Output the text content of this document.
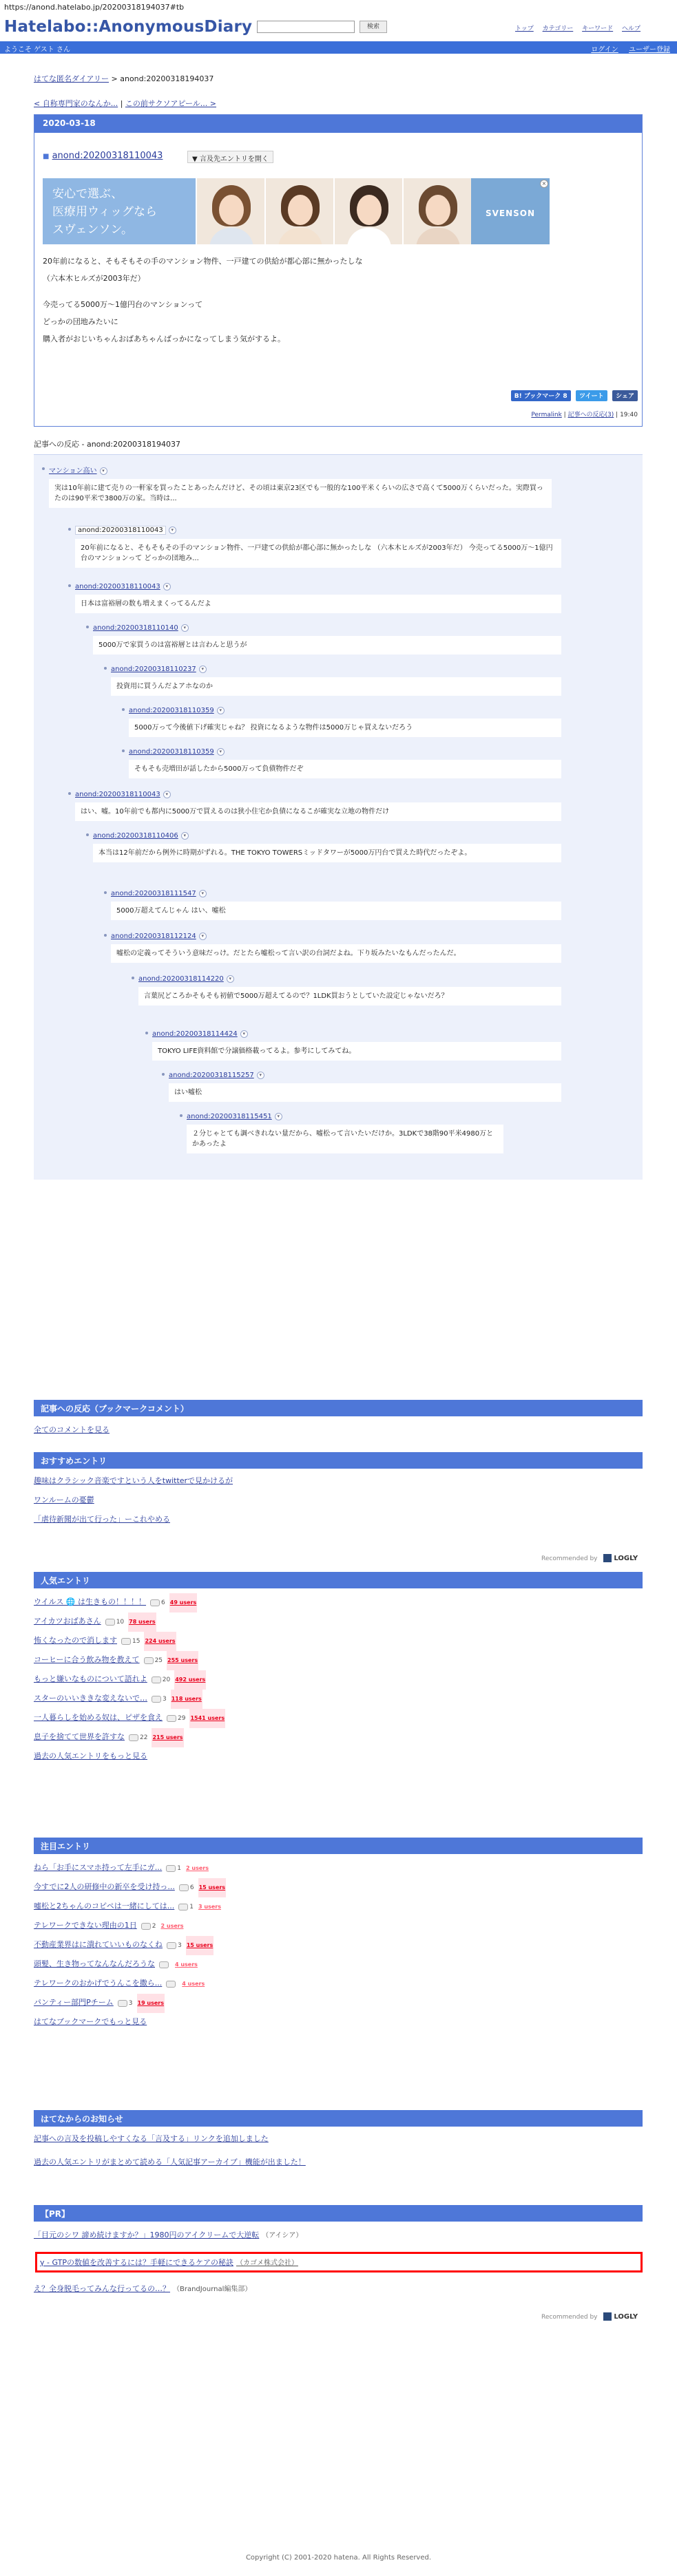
https://anond.hatelabo.jp/20200318194037#tb
Hatelabo::AnonymousDiary	検索	トップ カテゴリー キーワード ヘルプ
ようこそ ゲスト さん	ログイン ユーザー登録
はてな匿名ダイアリー > anond:20200318194037
< 自称専門家のなんか... | この前サクソアピール... >
2020-03-18
■ anond:20200318110043	▼ 言及先エントリを開く
安心で選ぶ、
医療用ウィッグなら
スヴェンソン。
SVENSON
×

20年前になると、そもそもその手のマンション物件、一戸建ての供給が都心部に無かったしな

（六本木ヒルズが2003年だ）

今売ってる5000万～1億円台のマンションって

どっかの団地みたいに

購入者がおじいちゃんおばあちゃんばっかになってしまう気がするよ。

B! ブックマーク 8 ツイート シェア
Permalink | 記事への反応(3) | 19:40
記事への反応 - anond:20200318194037
マンション高い ▾
実は10年前に建て売りの一軒家を買ったことあったんだけど、その頃は東京23区でも一般的な100平米くらいの広さで高くて5000万くらいだった。実際買ったのは90平米で3800万の家。当時は...
anond:20200318110043 ▾
20年前になると、そもそもその手のマンション物件、一戸建ての供給が都心部に無かったしな （六本木ヒルズが2003年だ） 今売ってる5000万～1億円台のマンションって どっかの団地み...
anond:20200318110043 ▾
日本は富裕層の数も増えまくってるんだよ
anond:20200318110140 ▾
5000万で家買うのは富裕層とは言わんと思うが
anond:20200318110237 ▾
投資用に買うんだよアホなのか
anond:20200318110359 ▾
5000万って今後値下げ確実じゃね？ 投資になるような物件は5000万じゃ買えないだろう
anond:20200318110359 ▾
そもそも売増田が話したから5000万って負債物件だぞ
anond:20200318110043 ▾
はい、嘘。10年前でも都内に5000万で買えるのは狭小住宅か負債になるこが確実な立地の物件だけ
anond:20200318110406 ▾
本当は12年前だから例外に時期がずれる。THE TOKYO TOWERSミッドタワーが5000万円台で買えた時代だったぞよ。
anond:20200318111547 ▾
5000万超えてんじゃん はい、嘘松
anond:20200318112124 ▾
嘘松の定義ってそういう意味だっけ。だとたら嘘松って言い訳の台詞だよね。下り坂みたいなもんだったんだ。
anond:20200318114220 ▾
言葉尻どころかそもそも初値で5000万超えてるので？1LDK買おうとしていた設定じゃないだろ？
anond:20200318114424 ▾
TOKYO LIFE資料館で分譲価格載ってるよ。参考にしてみてね。
anond:20200318115257 ▾
はい嘘松
anond:20200318115451 ▾
２分じゃとても調べきれない量だから、嘘松って言いたいだけか。3LDKで38階90平米4980万とかあったよ
記事への反応（ブックマークコメント）
全てのコメントを見る
おすすめエントリ
趣味はクラシック音楽ですという人をtwitterで見かけるが
ワンルームの憂鬱
「虐待新聞が出て行った」ーこれやめる
Recommended by LOGLY
人気エントリ
ウイルス 🌐 は生きもの！！！！ 6 49 users
アイカツおばあさん 10 78 users
怖くなったので消します 15 224 users
コーヒーに合う飲み物を教えて 25 255 users
もっと嫌いなものについて語れよ 20 492 users
スターのいいききな変えないで… 3 118 users
一人暮らしを始める奴は、ピザを食え 29 1541 users
息子を捨てて世界を許すな 22 215 users
過去の人気エントリをもっと見る
注目エントリ
ねら「お手にスマホ持って左手にガ... 1 2 users
今すでに2人の研修中の新卒を受け持っ... 6 15 users
嘘松と2ちゃんのコピペは一緒にしては... 1 3 users
テレワークできない理由の1日 2 2 users
不動産業界はに潰れていいものなくね 3 15 users
頭髪、生き物ってなんなんだろうな	4 users
テレワークのおかげでうんこを撒ら...	4 users
パンティー部門Pチーム 3 19 users
はてなブックマークでもっと見る
はてなからのお知らせ
記事への言及を投稿しやすくなる「言及する」リンクを追加しました
過去の人気エントリがまとめて読める「人気記事アーカイブ」機能が出ました！
【PR】
「目元のシワ 諦め続けますか？」1980円のアイクリームで大逆転 （アイシア）
γ - GTPの数値を改善するには？手軽にできるケアの秘訣 （カゴメ株式会社）
え？全身脱毛ってみんな行ってるの…？ （BrandJournal編集部）
Recommended by LOGLY
Copyright (C) 2001-2020 hatena. All Rights Reserved.
